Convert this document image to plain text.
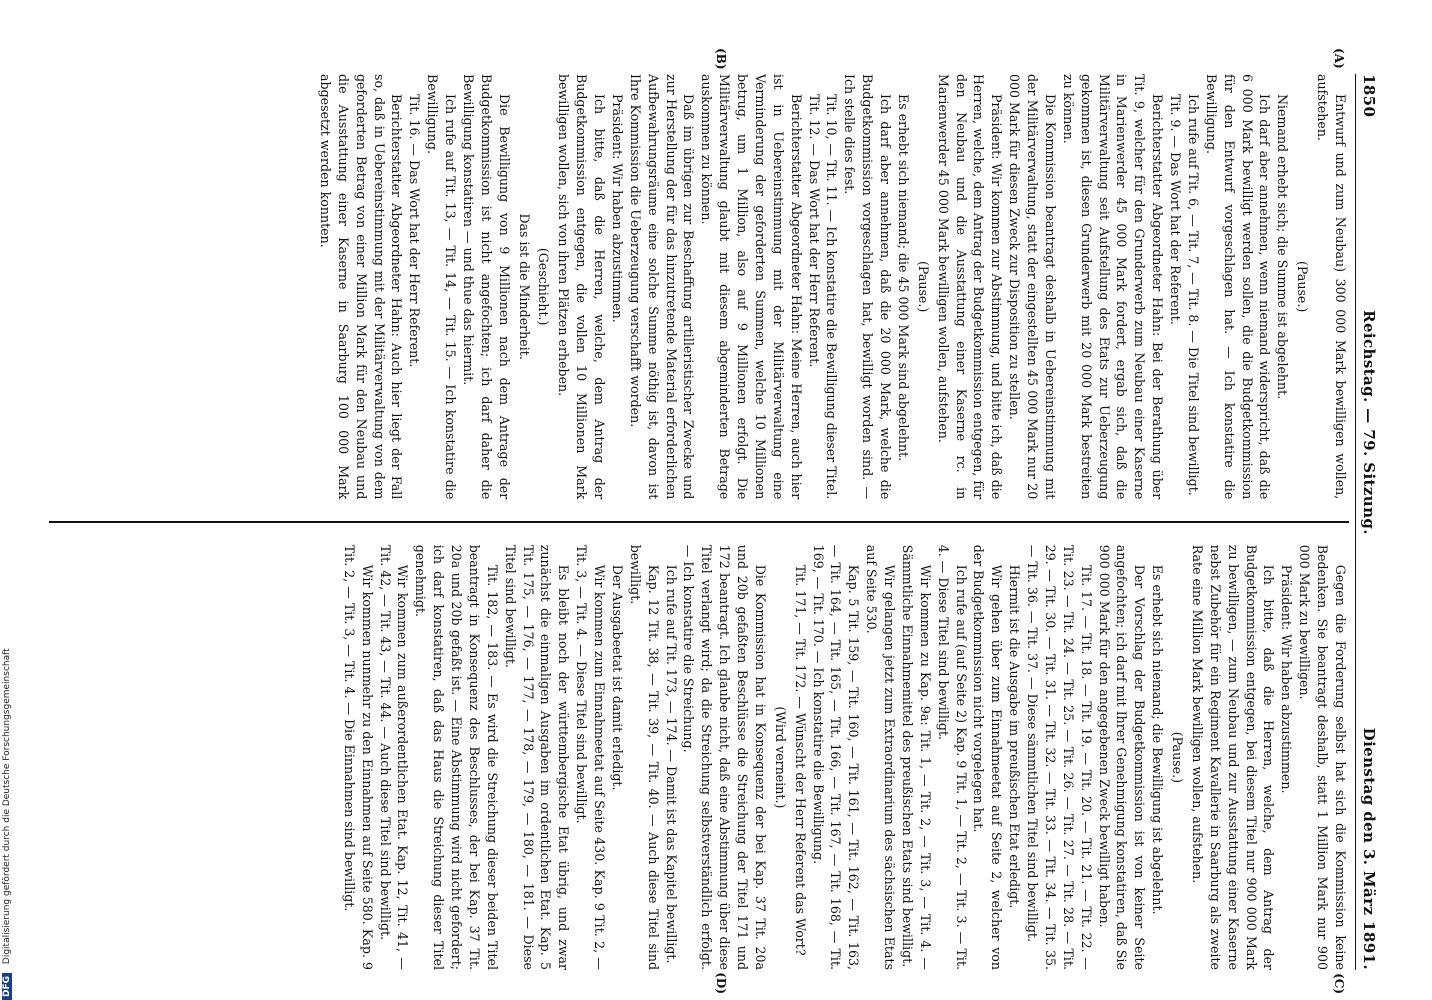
1850
Reichstag. — 79. Sitzung.
Dienstag den 3. März 1891.
(A)
(B)

Entwurf und zum Neubau) 300 000 Mark bewilligen wollen, aufstehen.

(Pause.)

Niemand erhebt sich; die Summe ist abgelehnt.

Ich darf aber annehmen, wenn niemand widerspricht, daß die 6 000 Mark bewilligt werden sollen, die die Budgetkommission für den Entwurf vorgeschlagen hat. — Ich konstatire die Bewilligung.

Ich rufe auf Tit. 6, — Tit. 7, — Tit. 8. — Die Titel sind bewilligt.

Tit. 9. — Das Wort hat der Referent.

Berichterstatter Abgeordneter Hahn: Bei der Berathung über Tit. 9, welcher für den Grunderwerb zum Neubau einer Kaserne in Marienwerder 45 000 Mark fordert, ergab sich, daß die Militärverwaltung seit Aufstellung des Etats zur Ueberzeugung gekommen ist, diesen Grunderwerb mit 20 000 Mark bestreiten zu können.

Die Kommission beantragt deshalb in Uebereinstimmung mit der Militärverwaltung, statt der eingestellten 45 000 Mark nur 20 000 Mark für diesen Zweck zur Disposition zu stellen.

Präsident: Wir kommen zur Abstimmung, und bitte ich, daß die Herren, welche, dem Antrag der Budgetkommission entgegen, für den Neubau und die Ausstattung einer Kaserne rc. in Marienwerder 45 000 Mark bewilligen wollen, aufstehen.

(Pause.)

Es erhebt sich niemand; die 45 000 Mark sind abgelehnt.

Ich darf aber annehmen, daß die 20 000 Mark, welche die Budgetkommission vorgeschlagen hat, bewilligt worden sind. — Ich stelle dies fest.

Tit. 10, — Tit. 11. — Ich konstatire die Bewilligung dieser Titel.

Tit. 12. — Das Wort hat der Herr Referent.

Berichterstatter Abgeordneter Hahn: Meine Herren, auch hier ist in Uebereinstimmung mit der Militärverwaltung eine Verminderung der geforderten Summen, welche 10 Millionen betrug, um 1 Million, also auf 9 Millionen erfolgt. Die Militärverwaltung glaubt mit diesem abgeminderten Betrage auskommen zu können.

Daß im übrigen zur Beschaffung artilleristischer Zwecke und zur Herstellung der für das hinzutretende Material erforderlichen Aufbewahrungsräume eine solche Summe nöthig ist, davon ist Ihre Kommission die Ueberzeugung verschafft worden.

Präsident: Wir haben abzustimmen.

Ich bitte, daß die Herren, welche, dem Antrag der Budgetkommission entgegen, die vollen 10 Millionen Mark bewilligen wollen, sich von ihren Plätzen erheben.

(Geschieht.)

Das ist die Minderheit.

Die Bewilligung von 9 Millionen nach dem Antrage der Budgetkommission ist nicht angefochten; ich darf daher die Bewilligung konstatiren — und thue das hiermit.

Ich rufe auf Tit. 13, — Tit. 14, — Tit. 15. — Ich konstatire die Bewilligung.

Tit. 16. — Das Wort hat der Herr Referent.

Berichterstatter Abgeordneter Hahn: Auch hier liegt der Fall so, daß in Uebereinstimmung mit der Militärverwaltung von dem geforderten Betrag von einer Million Mark für den Neubau und die Ausstattung einer Kaserne in Saarburg 100 000 Mark abgesetzt werden konnten.

(C)
(D)

Gegen die Forderung selbst hat sich die Kommission keine Bedenken. Sie beantragt deshalb, statt 1 Million Mark nur 900 000 Mark zu bewilligen.

Präsident: Wir haben abzustimmen.

Ich bitte, daß die Herren, welche, dem Antrag der Budgetkommission entgegen, bei diesem Titel nur 900 000 Mark zu bewilligen, — zum Neubau und zur Ausstattung einer Kaserne nebst Zubehör für ein Regiment Kavallerie in Saarburg als zweite Rate eine Million Mark bewilligen wollen, aufstehen.

(Pause.)

Es erhebt sich niemand; die Bewilligung ist abgelehnt.

Der Vorschlag der Budgetkommission ist von keiner Seite angefochten; ich darf mit Ihrer Genehmigung konstatiren, daß Sie 900 000 Mark für den angegebenen Zweck bewilligt haben.

Tit. 17. — Tit. 18. — Tit. 19. — Tit. 20. — Tit. 21. — Tit. 22. — Tit. 23. — Tit. 24. — Tit. 25. — Tit. 26. — Tit. 27. — Tit. 28. — Tit. 29. — Tit. 30. — Tit. 31. — Tit. 32. — Tit. 33. — Tit. 34. — Tit. 35. — Tit. 36. — Tit. 37. — Diese sämmtlichen Titel sind bewilligt.

Hiermit ist die Ausgabe im preußischen Etat erledigt.

Wir gehen über zum Einnahmeetat auf Seite 2, welcher von der Budgetkommission nicht vorgelegen hat.

Ich rufe auf (auf Seite 2) Kap. 9 Tit. 1, — Tit. 2, — Tit. 3. — Tit. 4. — Diese Titel sind bewilligt.

Wir kommen zu Kap. 9a: Tit. 1, — Tit. 2, — Tit. 3, — Tit. 4. — Sämmtliche Einnahmemittel des preußischen Etats sind bewilligt.

Wir gelangen jetzt zum Extraordinarium des sächsischen Etats auf Seite 530.

Kap. 5 Tit. 159, — Tit. 160, — Tit. 161, — Tit. 162, — Tit. 163, — Tit. 164, — Tit. 165, — Tit. 166, — Tit. 167, — Tit. 168, — Tit. 169, — Tit. 170. — Ich konstatire die Bewilligung.

Tit. 171, — Tit. 172. — Wünscht der Herr Referent das Wort?

(Wird verneint.)

Die Kommission hat in Konsequenz der bei Kap. 37 Tit. 20a und 20b gefaßten Beschlüsse die Streichung der Titel 171 und 172 beantragt. Ich glaube nicht, daß eine Abstimmung über diese Titel verlangt wird; da die Streichung selbstverständlich erfolgt. — Ich konstatire die Streichung.

Ich rufe auf Tit. 173, — 174. — Damit ist das Kapitel bewilligt.

Kap. 12 Tit. 38, — Tit. 39, — Tit. 40. — Auch diese Titel sind bewilligt.

Der Ausgabeetat ist damit erledigt.

Wir kommen zum Einnahmeetat auf Seite 430. Kap. 9 Tit. 2, — Tit. 3, — Tit. 4. — Diese Titel sind bewilligt.

Es bleibt noch der württembergische Etat übrig, und zwar zunächst die einmaligen Ausgaben im ordentlichen Etat. Kap. 5 Tit. 175, — 176, — 177, — 178, — 179, — 180, — 181. — Diese Titel sind bewilligt.

Tit. 182, — 183. — Es wird die Streichung dieser beiden Titel beantragt in Konsequenz des Beschlusses, der bei Kap. 37 Tit. 20a und 20b gefaßt ist. — Eine Abstimmung wird nicht gefordert; ich darf konstatiren, daß das Haus die Streichung dieser Titel genehmigt.

Wir kommen zum außerordentlichen Etat. Kap. 12, Tit. 41, — Tit. 42, — Tit. 43, — Tit. 44. — Auch diese Titel sind bewilligt.

Wir kommen nunmehr zu den Einnahmen auf Seite 580. Kap. 9 Tit. 2, — Tit. 3, — Tit. 4. — Die Einnahmen sind bewilligt.

DFG Digitalisierung gefördert durch die Deutsche Forschungsgemeinschaft
